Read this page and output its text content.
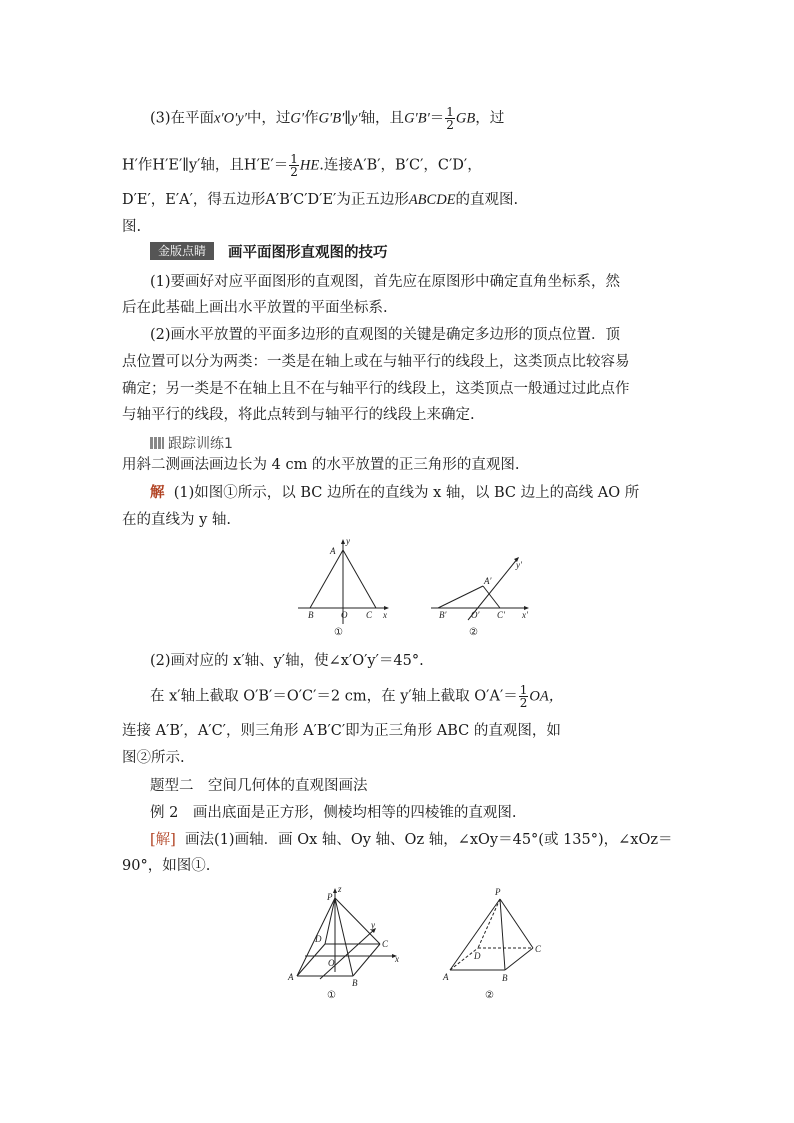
(3)在平面x′O′y′中，过G′作G′B′∥y′轴，且$G'B'= \frac{1}{2}$ GB，过
H′作H′E′∥y′轴，且$H'E'= \frac{1}{2}$ HE.连接A′B′，B′C′，C′D′，
D′E′，E′A′，得五边形A′B′C′D′E′为正五边形ABCDE的直观图.
图.
金版点睛	画平面图形直观图的技巧
(1)要画好对应平面图形的直观图，首先应在原图形中确定直角坐标系，然
后在此基础上画出水平放置的平面坐标系.
(2)画水平放置的平面多边形的直观图的关键是确定多边形的顶点位置．顶
点位置可以分为两类：一类是在轴上或在与轴平行的线段上，这类顶点比较容易
确定；另一类是不在轴上且不在与轴平行的线段上，这类顶点一般通过过此点作
与轴平行的线段，将此点转到与轴平行的线段上来确定.
跟踪训练1
用斜二测画法画边长为 4 cm 的水平放置的正三角形的直观图.
解 (1)如图①所示，以 BC 边所在的直线为 x 轴，以 BC 边上的高线 AO 所
在的直线为 y 轴.
A
y
B	O C x
A′
y′
B′	O′ C′ x′
①	②
(2)画对应的 x′轴、y′轴，使∠x′O′y′＝45°.
在 x′轴上截取 O′B′＝O′C′＝2 cm，在 y′轴上截取 $O'A'= \frac{1}{2}$ OA，
连接 A′B′，A′C′，则三角形 A′B′C′即为正三角形 ABC 的直观图，如
图②所示.
题型二　空间几何体的直观图画法
例 2　画出底面是正方形，侧棱均相等的四棱锥的直观图.
[解] 画法(1)画轴．画 Ox 轴、Oy 轴、Oz 轴，∠xOy＝45°(或 135°)，∠xOz＝
90°，如图①.
P
z
y
x
D
O
A
B
C
P
D
C
A	B
①	②
